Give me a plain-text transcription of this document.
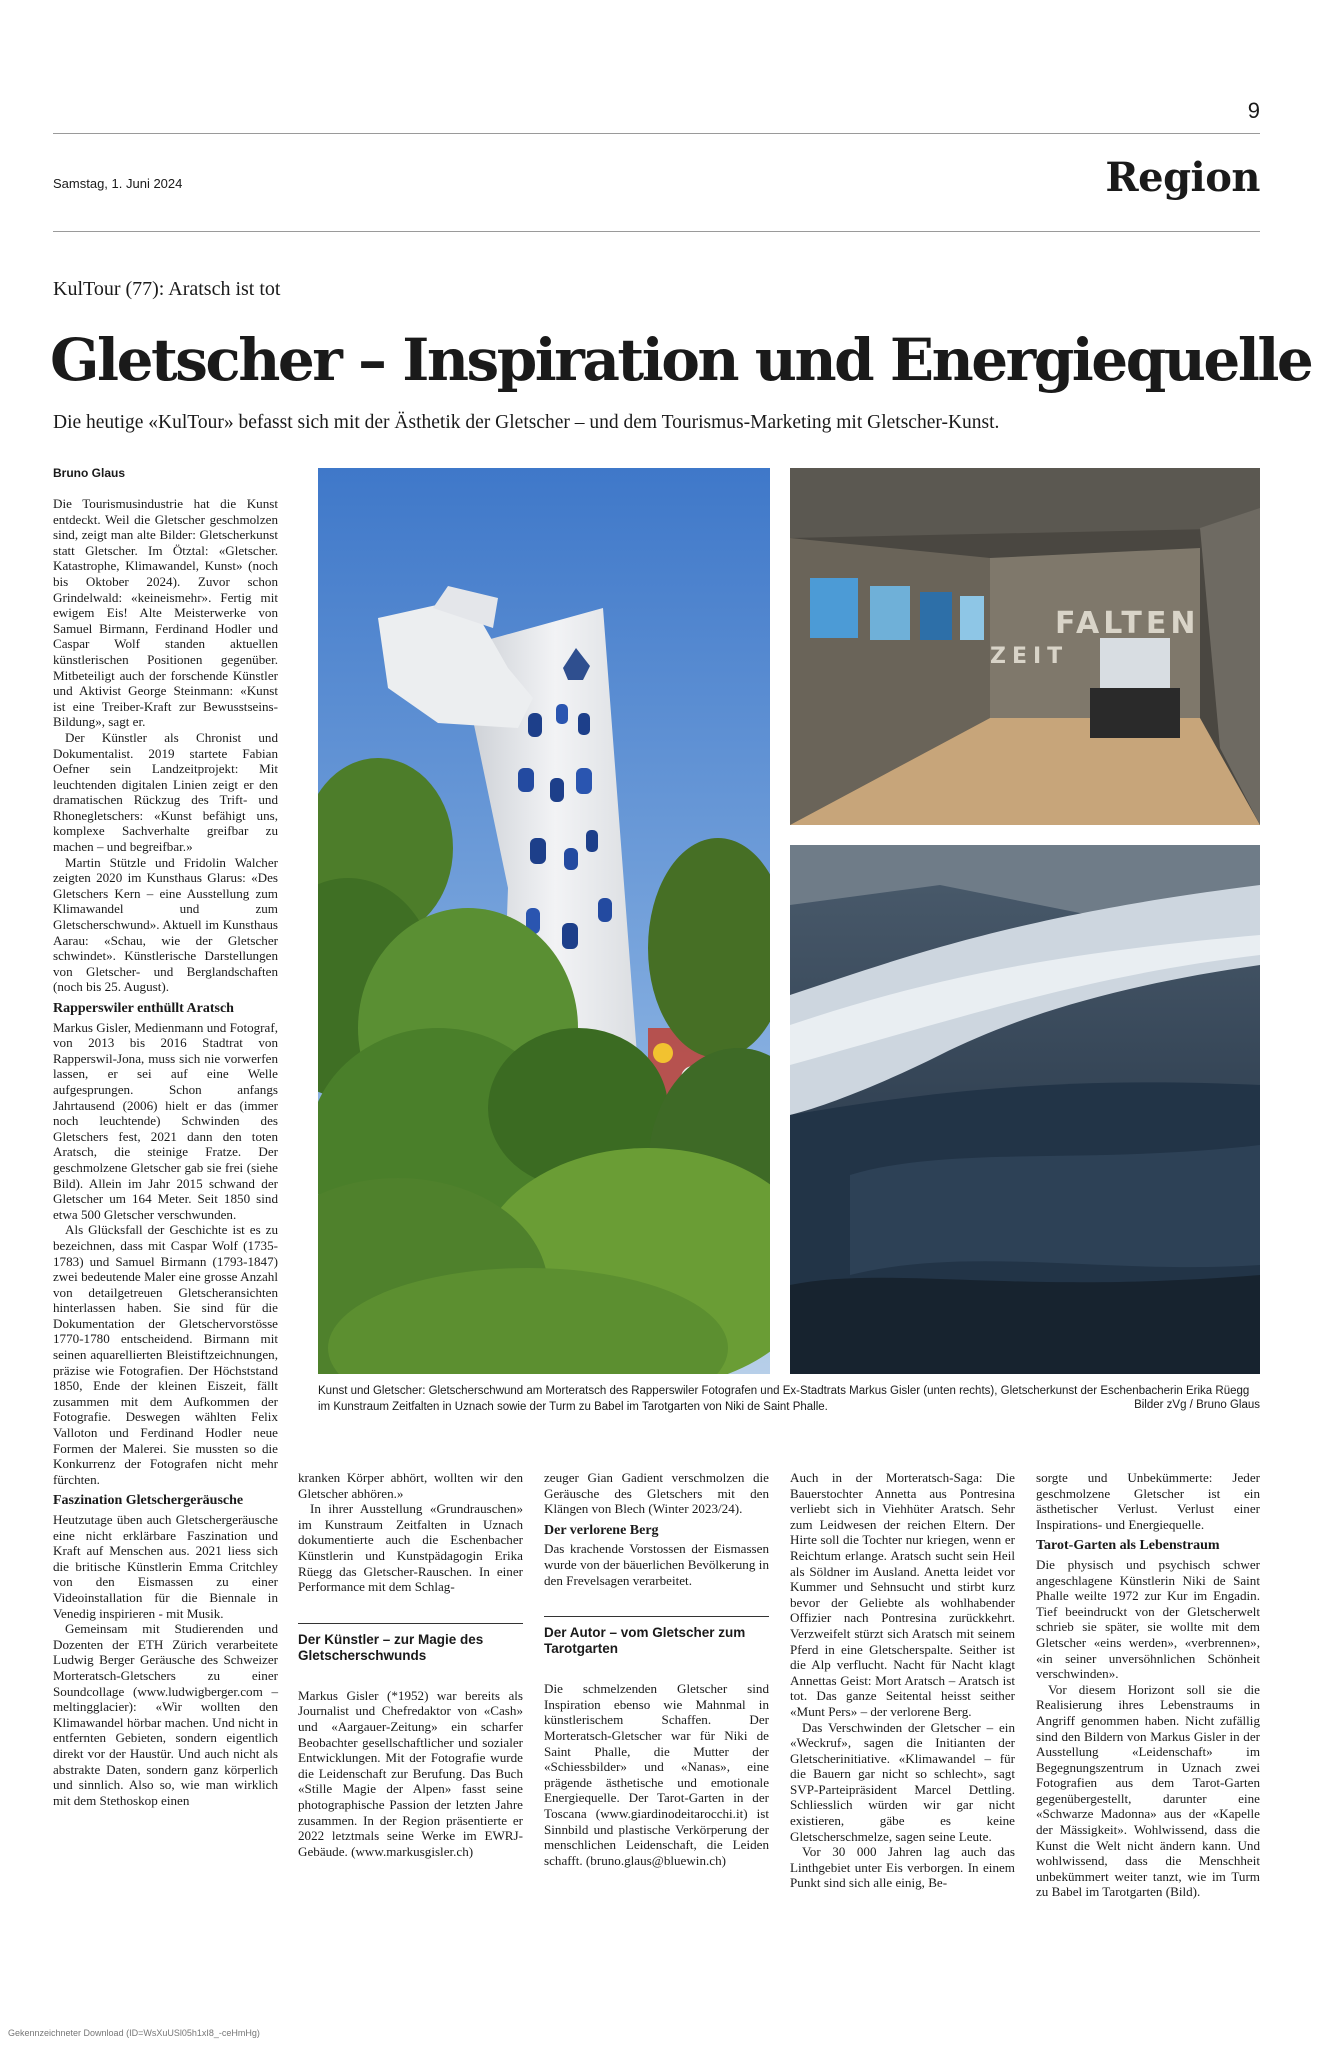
9
Samstag, 1. Juni 2024	Region
KulTour (77): Aratsch ist tot
Gletscher – Inspiration und Energiequelle
Die heutige «KulTour» befasst sich mit der Ästhetik der Gletscher – und dem Tourismus-Marketing mit Gletscher-Kunst.
Bruno Glaus

Die Tourismusindustrie hat die Kunst entdeckt. Weil die Gletscher geschmolzen sind, zeigt man alte Bilder: Gletscherkunst statt Gletscher. Im Ötztal: «Gletscher. Katastrophe, Klimawandel, Kunst» (noch bis Oktober 2024). Zuvor schon Grindelwald: «keineismehr». Fertig mit ewigem Eis! Alte Meisterwerke von Samuel Birmann, Ferdinand Hodler und Caspar Wolf standen aktuellen künstlerischen Positionen gegenüber. Mitbeteiligt auch der forschende Künstler und Aktivist George Steinmann: «Kunst ist eine Treiber-Kraft zur Bewusstseins-Bildung», sagt er.

Der Künstler als Chronist und Dokumentalist. 2019 startete Fabian Oefner sein Landzeitprojekt: Mit leuchtenden digitalen Linien zeigt er den dramatischen Rückzug des Trift- und Rhonegletschers: «Kunst befähigt uns, komplexe Sachverhalte greifbar zu machen – und begreifbar.»

Martin Stützle und Fridolin Walcher zeigten 2020 im Kunsthaus Glarus: «Des Gletschers Kern – eine Ausstellung zum Klimawandel und zum Gletscherschwund». Aktuell im Kunsthaus Aarau: «Schau, wie der Gletscher schwindet». Künstlerische Darstellungen von Gletscher- und Berglandschaften (noch bis 25. August).

Rapperswiler enthüllt Aratsch

Markus Gisler, Medienmann und Fotograf, von 2013 bis 2016 Stadtrat von Rapperswil-Jona, muss sich nie vorwerfen lassen, er sei auf eine Welle aufgesprungen. Schon anfangs Jahrtausend (2006) hielt er das (immer noch leuchtende) Schwinden des Gletschers fest, 2021 dann den toten Aratsch, die steinige Fratze. Der geschmolzene Gletscher gab sie frei (siehe Bild). Allein im Jahr 2015 schwand der Gletscher um 164 Meter. Seit 1850 sind etwa 500 Gletscher verschwunden.

Als Glücksfall der Geschichte ist es zu bezeichnen, dass mit Caspar Wolf (1735-1783) und Samuel Birmann (1793-1847) zwei bedeutende Maler eine grosse Anzahl von detailgetreuen Gletscheransichten hinterlassen haben. Sie sind für die Dokumentation der Gletschervorstösse 1770-1780 entscheidend. Birmann mit seinen aquarellierten Bleistiftzeichnungen, präzise wie Fotografien. Der Höchststand 1850, Ende der kleinen Eiszeit, fällt zusammen mit dem Aufkommen der Fotografie. Deswegen wählten Felix Valloton und Ferdinand Hodler neue Formen der Malerei. Sie mussten so die Konkurrenz der Fotografen nicht mehr fürchten.

Faszination Gletschergeräusche

Heutzutage üben auch Gletschergeräusche eine nicht erklärbare Faszination und Kraft auf Menschen aus. 2021 liess sich die britische Künstlerin Emma Critchley von den Eismassen zu einer Videoinstallation für die Biennale in Venedig inspirieren - mit Musik.

Gemeinsam mit Studierenden und Dozenten der ETH Zürich verarbeitete Ludwig Berger Geräusche des Schweizer Morteratsch-Gletschers zu einer Soundcollage (www.ludwigberger.com – meltingglacier): «Wir wollten den Klimawandel hörbar machen. Und nicht in entfernten Gebieten, sondern eigentlich direkt vor der Haustür. Und auch nicht als abstrakte Daten, sondern ganz körperlich und sinnlich. Also so, wie man wirklich mit dem Stethoskop einen

FALTEN
ZEIT
Kunst und Gletscher: Gletscherschwund am Morteratsch des Rapperswiler Fotografen und Ex-Stadtrats Markus Gisler (unten rechts), Gletscherkunst der Eschenbacherin Erika Rüegg im Kunstraum Zeitfalten in Uznach sowie der Turm zu Babel im Tarotgarten von Niki de Saint Phalle.	Bilder zVg / Bruno Glaus

kranken Körper abhört, wollten wir den Gletscher abhören.»

In ihrer Ausstellung «Grundrauschen» im Kunstraum Zeitfalten in Uznach dokumentierte auch die Eschenbacher Künstlerin und Kunstpädagogin Erika Rüegg das Gletscher-Rauschen. In einer Performance mit dem Schlag-

Der Künstler – zur Magie des Gletscherschwunds

Markus Gisler (*1952) war bereits als Journalist und Chefredaktor von «Cash» und «Aargauer-Zeitung» ein scharfer Beobachter gesellschaftlicher und sozialer Entwicklungen. Mit der Fotografie wurde die Leidenschaft zur Berufung. Das Buch «Stille Magie der Alpen» fasst seine photographische Passion der letzten Jahre zusammen. In der Region präsentierte er 2022 letztmals seine Werke im EWRJ-Gebäude. (www.markusgisler.ch)

zeuger Gian Gadient verschmolzen die Geräusche des Gletschers mit den Klängen von Blech (Winter 2023/24).

Der verlorene Berg

Das krachende Vorstossen der Eismassen wurde von der bäuerlichen Bevölkerung in den Frevelsagen verarbeitet.

Der Autor – vom Gletscher zum Tarotgarten

Die schmelzenden Gletscher sind Inspiration ebenso wie Mahnmal in künstlerischem Schaffen. Der Morteratsch-Gletscher war für Niki de Saint Phalle, die Mutter der «Schiessbilder» und «Nanas», eine prägende ästhetische und emotionale Energiequelle. Der Tarot-Garten in der Toscana (www.giardinodeitarocchi.it) ist Sinnbild und plastische Verkörperung der menschlichen Leidenschaft, die Leiden schafft. (bruno.glaus@bluewin.ch)

Auch in der Morteratsch-Saga: Die Bauerstochter Annetta aus Pontresina verliebt sich in Viehhüter Aratsch. Sehr zum Leidwesen der reichen Eltern. Der Hirte soll die Tochter nur kriegen, wenn er Reichtum erlange. Aratsch sucht sein Heil als Söldner im Ausland. Anetta leidet vor Kummer und Sehnsucht und stirbt kurz bevor der Geliebte als wohlhabender Offizier nach Pontresina zurückkehrt. Verzweifelt stürzt sich Aratsch mit seinem Pferd in eine Gletscherspalte. Seither ist die Alp verflucht. Nacht für Nacht klagt Annettas Geist: Mort Aratsch – Aratsch ist tot. Das ganze Seitental heisst seither «Munt Pers» – der verlorene Berg.

Das Verschwinden der Gletscher – ein «Weckruf», sagen die Initianten der Gletscherinitiative. «Klimawandel – für die Bauern gar nicht so schlecht», sagt SVP-Parteipräsident Marcel Dettling. Schliesslich würden wir gar nicht existieren, gäbe es keine Gletscherschmelze, sagen seine Leute.

Vor 30 000 Jahren lag auch das Linthgebiet unter Eis verborgen. In einem Punkt sind sich alle einig, Be-

sorgte und Unbekümmerte: Jeder geschmolzene Gletscher ist ein ästhetischer Verlust. Verlust einer Inspirations- und Energiequelle.

Tarot-Garten als Lebenstraum

Die physisch und psychisch schwer angeschlagene Künstlerin Niki de Saint Phalle weilte 1972 zur Kur im Engadin. Tief beeindruckt von der Gletscherwelt schrieb sie später, sie wollte mit dem Gletscher «eins werden», «verbrennen», «in seiner unversöhnlichen Schönheit verschwinden».

Vor diesem Horizont soll sie die Realisierung ihres Lebenstraums in Angriff genommen haben. Nicht zufällig sind den Bildern von Markus Gisler in der Ausstellung «Leidenschaft» im Begegnungszentrum in Uznach zwei Fotografien aus dem Tarot-Garten gegenübergestellt, darunter eine «Schwarze Madonna» aus der «Kapelle der Mässigkeit». Wohlwissend, dass die Kunst die Welt nicht ändern kann. Und wohlwissend, dass die Menschheit unbekümmert weiter tanzt, wie im Turm zu Babel im Tarotgarten (Bild).

Gekennzeichneter Download (ID=WsXuUSl05h1xI8_-ceHmHg)
